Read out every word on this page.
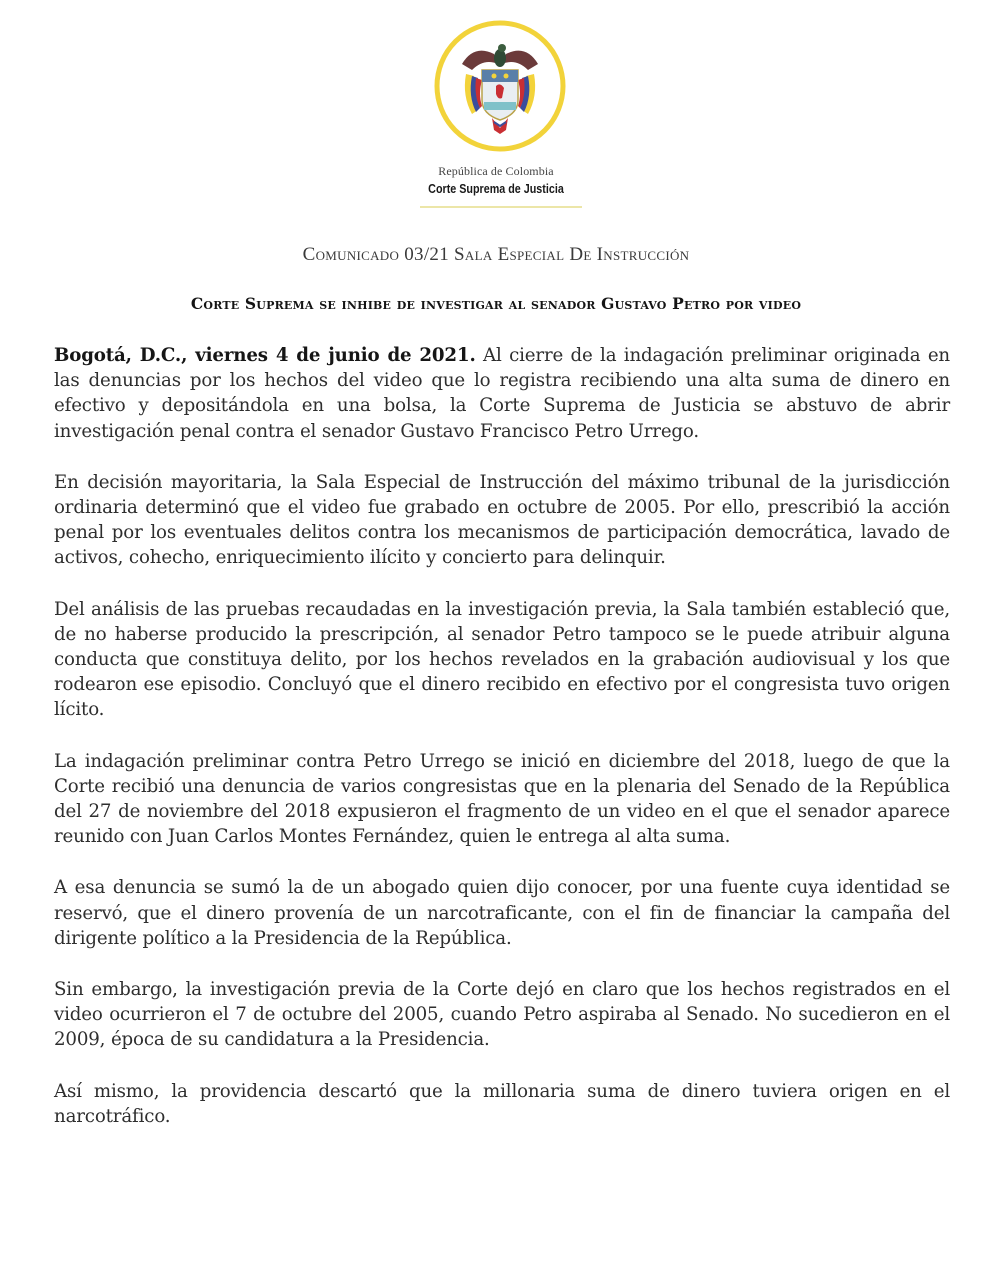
República de Colombia
Corte Suprema de Justicia
Comunicado 03/21 Sala Especial De Instrucción
Corte Suprema se inhibe de investigar al senador Gustavo Petro por video

Bogotá, D.C., viernes 4 de junio de 2021. Al cierre de la indagación preliminar originada en las denuncias por los hechos del video que lo registra recibiendo una alta suma de dinero en efectivo y depositándola en una bolsa, la Corte Suprema de Justicia se abstuvo de abrir investigación penal contra el senador Gustavo Francisco Petro Urrego.

En decisión mayoritaria, la Sala Especial de Instrucción del máximo tribunal de la jurisdicción ordinaria determinó que el video fue grabado en octubre de 2005. Por ello, prescribió la acción penal por los eventuales delitos contra los mecanismos de participación democrática, lavado de activos, cohecho, enriquecimiento ilícito y concierto para delinquir.

Del análisis de las pruebas recaudadas en la investigación previa, la Sala también estableció que, de no haberse producido la prescripción, al senador Petro tampoco se le puede atribuir alguna conducta que constituya delito, por los hechos revelados en la grabación audiovisual y los que rodearon ese episodio. Concluyó que el dinero recibido en efectivo por el congresista tuvo origen lícito.

La indagación preliminar contra Petro Urrego se inició en diciembre del 2018, luego de que la Corte recibió una denuncia de varios congresistas que en la plenaria del Senado de la República del 27 de noviembre del 2018 expusieron el fragmento de un video en el que el senador aparece reunido con Juan Carlos Montes Fernández, quien le entrega al alta suma.

A esa denuncia se sumó la de un abogado quien dijo conocer, por una fuente cuya identidad se reservó, que el dinero provenía de un narcotraficante, con el fin de financiar la campaña del dirigente político a la Presidencia de la República.

Sin embargo, la investigación previa de la Corte dejó en claro que los hechos registrados en el video ocurrieron el 7 de octubre del 2005, cuando Petro aspiraba al Senado. No sucedieron en el 2009, época de su candidatura a la Presidencia.

Así mismo, la providencia descartó que la millonaria suma de dinero tuviera origen en el narcotráfico.
